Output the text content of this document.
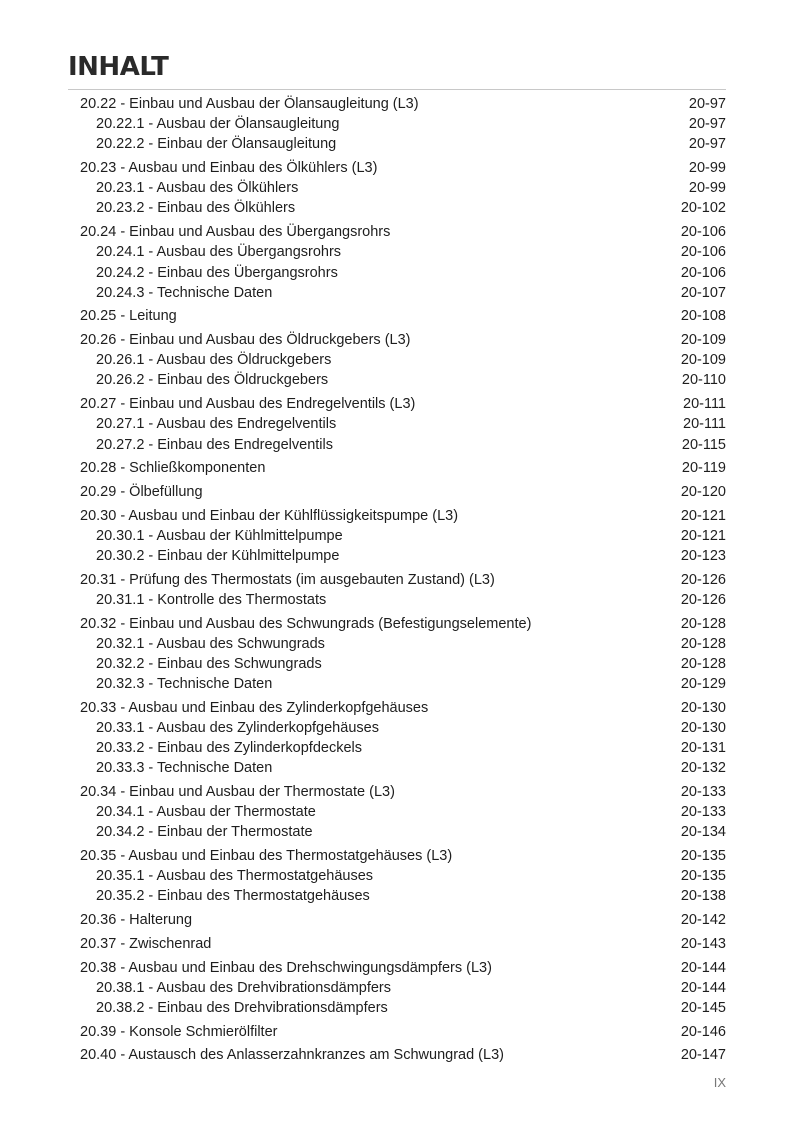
INHALT
20.22 - Einbau und Ausbau der Ölansaugleitung (L3)	20-97
20.22.1 - Ausbau der Ölansaugleitung	20-97
20.22.2 - Einbau der Ölansaugleitung	20-97
20.23 - Ausbau und Einbau des Ölkühlers (L3)	20-99
20.23.1 - Ausbau des Ölkühlers	20-99
20.23.2 - Einbau des Ölkühlers	20-102
20.24 - Einbau und Ausbau des Übergangsrohrs	20-106
20.24.1 - Ausbau des Übergangsrohrs	20-106
20.24.2 - Einbau des Übergangsrohrs	20-106
20.24.3 - Technische Daten	20-107
20.25 - Leitung	20-108
20.26 - Einbau und Ausbau des Öldruckgebers (L3)	20-109
20.26.1 - Ausbau des Öldruckgebers	20-109
20.26.2 - Einbau des Öldruckgebers	20-110
20.27 - Einbau und Ausbau des Endregelventils (L3)	20-111
20.27.1 - Ausbau des Endregelventils	20-111
20.27.2 - Einbau des Endregelventils	20-115
20.28 - Schließkomponenten	20-119
20.29 - Ölbefüllung	20-120
20.30 - Ausbau und Einbau der Kühlflüssigkeitspumpe (L3)	20-121
20.30.1 - Ausbau der Kühlmittelpumpe	20-121
20.30.2 - Einbau der Kühlmittelpumpe	20-123
20.31 - Prüfung des Thermostats (im ausgebauten Zustand) (L3)	20-126
20.31.1 - Kontrolle des Thermostats	20-126
20.32 - Einbau und Ausbau des Schwungrads (Befestigungselemente)	20-128
20.32.1 - Ausbau des Schwungrads	20-128
20.32.2 - Einbau des Schwungrads	20-128
20.32.3 - Technische Daten	20-129
20.33 - Ausbau und Einbau des Zylinderkopfgehäuses	20-130
20.33.1 - Ausbau des Zylinderkopfgehäuses	20-130
20.33.2 - Einbau des Zylinderkopfdeckels	20-131
20.33.3 - Technische Daten	20-132
20.34 - Einbau und Ausbau der Thermostate (L3)	20-133
20.34.1 - Ausbau der Thermostate	20-133
20.34.2 - Einbau der Thermostate	20-134
20.35 - Ausbau und Einbau des Thermostatgehäuses (L3)	20-135
20.35.1 - Ausbau des Thermostatgehäuses	20-135
20.35.2 - Einbau des Thermostatgehäuses	20-138
20.36 - Halterung	20-142
20.37 - Zwischenrad	20-143
20.38 - Ausbau und Einbau des Drehschwingungsdämpfers (L3)	20-144
20.38.1 - Ausbau des Drehvibrationsdämpfers	20-144
20.38.2 - Einbau des Drehvibrationsdämpfers	20-145
20.39 - Konsole Schmierölfilter	20-146
20.40 - Austausch des Anlasserzahnkranzes am Schwungrad (L3)	20-147
IX
